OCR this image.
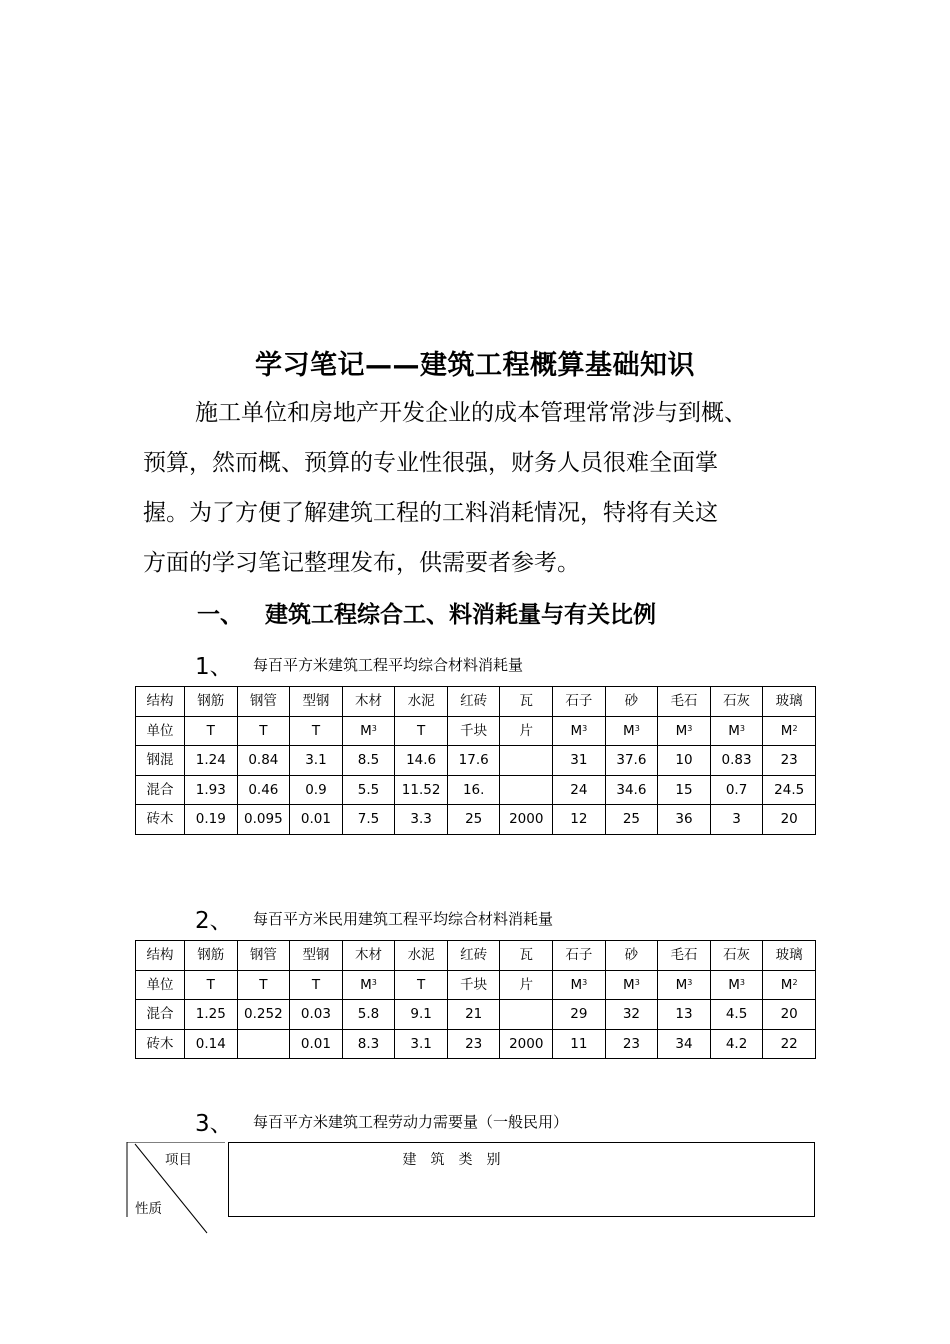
学习笔记——建筑工程概算基础知识

施工单位和房地产开发企业的成本管理常常涉与到概、

预算，然而概、预算的专业性很强，财务人员很难全面掌

握。为了方便了解建筑工程的工料消耗情况，特将有关这

方面的学习笔记整理发布，供需要者参考。

一、 建筑工程综合工、料消耗量与有关比例
1、 每百平方米建筑工程平均综合材料消耗量
结构	钢筋	钢管	型钢	木材	水泥	红砖	瓦	石子	砂	毛石	石灰	玻璃
单位	T	T	T	$M^3$	T	千块	片	$M^3$	$M^3$	$M^3$	$M^3$	$M^2$
钢混	1.24	0.84	3.1	8.5	14.6	17.6		31	37.6	10	0.83	23
混合	1.93	0.46	0.9	5.5	11.52	16.		24	34.6	15	0.7	24.5
砖木	0.19	0.095	0.01	7.5	3.3	25	2000	12	25	36	3	20
2、 每百平方米民用建筑工程平均综合材料消耗量
结构	钢筋	钢管	型钢	木材	水泥	红砖	瓦	石子	砂	毛石	石灰	玻璃
单位	T	T	T	$M^3$	T	千块	片	$M^3$	$M^3$	$M^3$	$M^3$	$M^2$
混合	1.25	0.252	0.03	5.8	9.1	21		29	32	13	4.5	20
砖木	0.14		0.01	8.3	3.1	23	2000	11	23	34	4.2	22
3、 每百平方米建筑工程劳动力需要量（一般民用）
建　筑　类　别
项目
性质
